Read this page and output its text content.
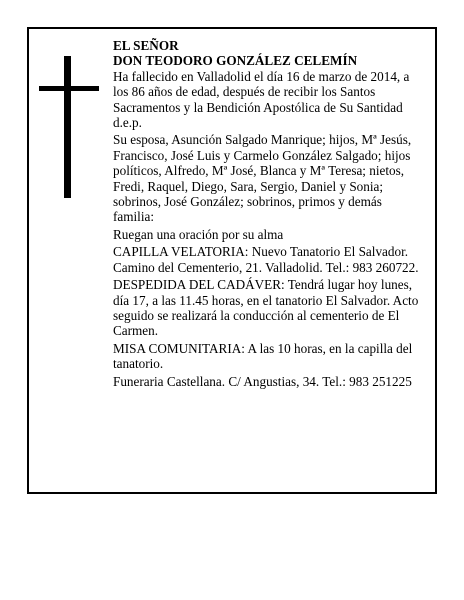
EL SEÑOR

DON TEODORO GONZÁLEZ CELEMÍN

Ha fallecido en Valladolid el día 16 de marzo de 2014, a los 86 años de edad, después de recibir los Santos Sacramentos y la Bendición Apostólica de Su Santidad d.e.p.

Su esposa, Asunción Salgado Manrique; hijos, Mª Jesús, Francisco, José Luis y Carmelo González Salgado; hijos políticos, Alfredo, Mª José, Blanca y Mª Teresa; nietos, Fredi, Raquel, Diego, Sara, Sergio, Daniel y Sonia; sobrinos, José González; sobrinos, primos y demás familia:

Ruegan una oración por su alma

CAPILLA VELATORIA: Nuevo Tanatorio El Salvador. Camino del Cementerio, 21. Valladolid. Tel.: 983 260722.

DESPEDIDA DEL CADÁVER: Tendrá lugar hoy lunes, día 17, a las 11.45 horas, en el tanatorio El Salvador. Acto seguido se realizará la conducción al cementerio de El Carmen.

MISA COMUNITARIA: A las 10 horas, en la capilla del tanatorio.

Funeraria Castellana. C/ Angustias, 34. Tel.: 983 251225
